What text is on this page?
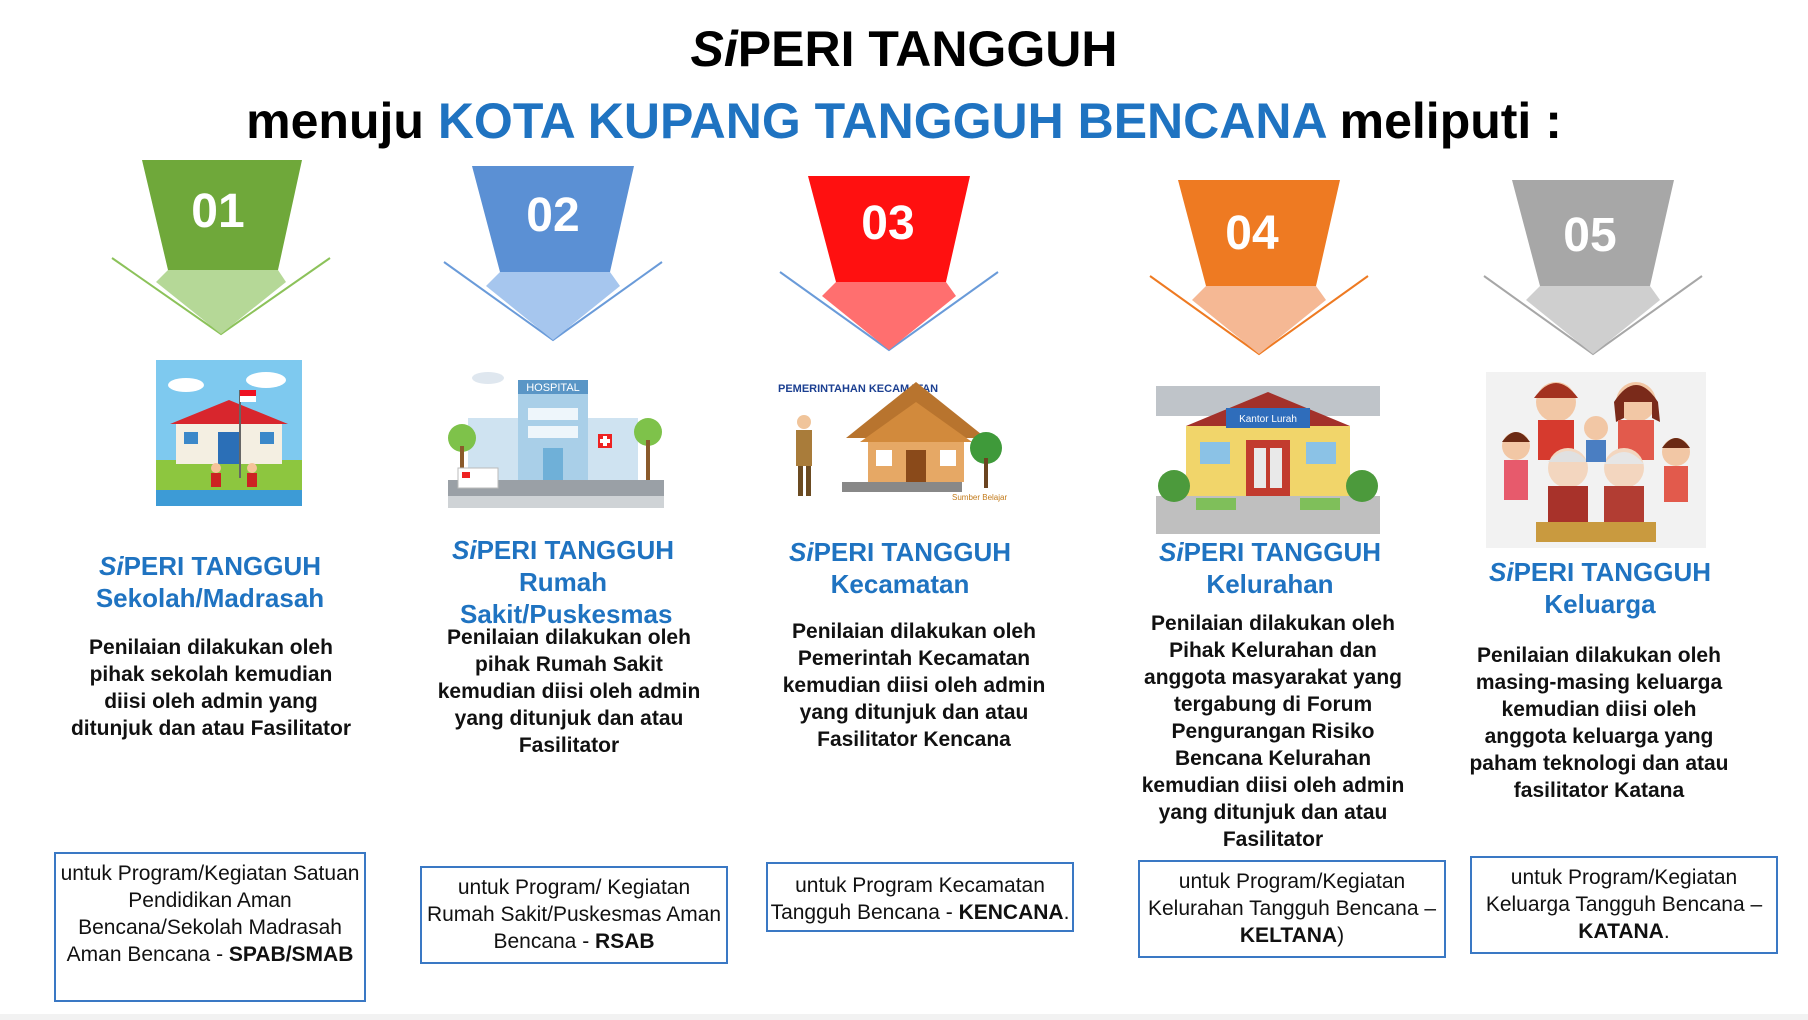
SiPERI TANGGUH
menuju KOTA KUPANG TANGGUH BENCANA meliputi :
01
SiPERI TANGGUH
Sekolah/Madrasah
Penilaian dilakukan oleh pihak sekolah kemudian diisi oleh admin yang ditunjuk dan atau Fasilitator
untuk Program/Kegiatan Satuan Pendidikan Aman Bencana/Sekolah Madrasah Aman Bencana - SPAB/SMAB
02
HOSPITAL
SiPERI TANGGUH
Rumah Sakit/Puskesmas
Penilaian dilakukan oleh pihak Rumah Sakit kemudian diisi oleh admin yang ditunjuk dan atau Fasilitator
untuk Program/ Kegiatan Rumah Sakit/Puskesmas Aman Bencana - RSAB
03
PEMERINTAHAN KECAMATAN
Sumber Belajar
SiPERI TANGGUH
Kecamatan
Penilaian dilakukan oleh Pemerintah Kecamatan kemudian diisi oleh admin yang ditunjuk dan atau Fasilitator Kencana
untuk Program Kecamatan Tangguh Bencana - KENCANA.
04
Kantor Lurah
SiPERI TANGGUH
Kelurahan
Penilaian dilakukan oleh Pihak Kelurahan dan anggota masyarakat yang tergabung di Forum Pengurangan Risiko Bencana Kelurahan kemudian diisi oleh admin yang ditunjuk dan atau Fasilitator
untuk Program/Kegiatan Kelurahan Tangguh Bencana – KELTANA)
05
SiPERI TANGGUH
Keluarga
Penilaian dilakukan oleh masing-masing keluarga kemudian diisi oleh anggota keluarga yang paham teknologi dan atau fasilitator Katana
untuk Program/Kegiatan Keluarga Tangguh Bencana – KATANA.
